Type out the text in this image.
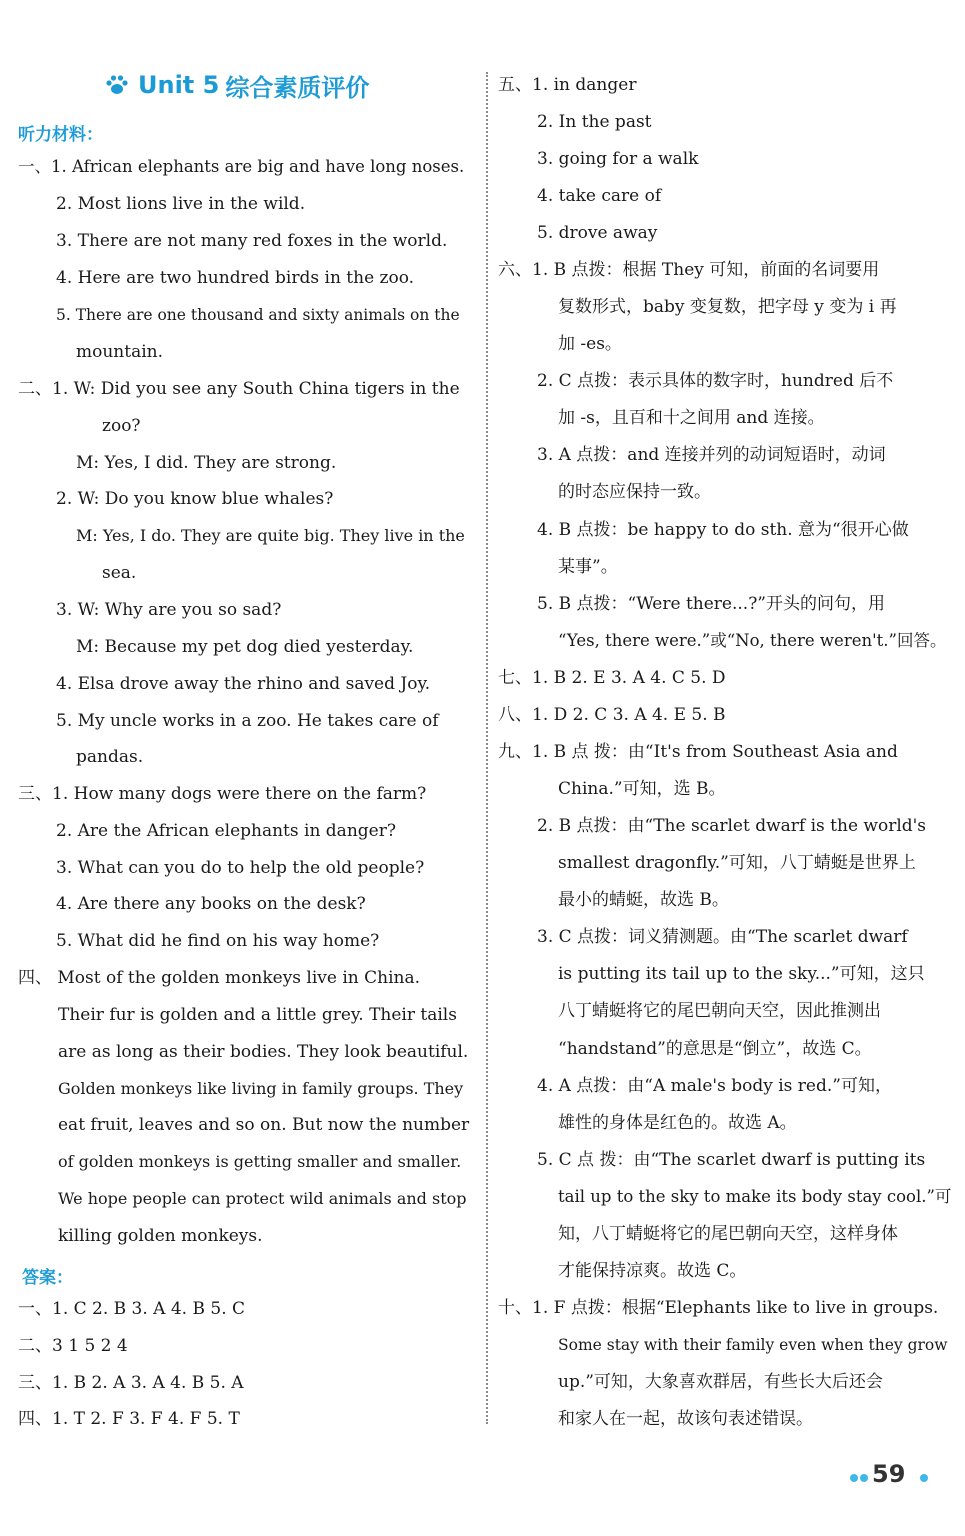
Unit 5 综合素质评价
听力材料：
一、1. African elephants are big and have long noses.
2. Most lions live in the wild.
3. There are not many red foxes in the world.
4. Here are two hundred birds in the zoo.
5. There are one thousand and sixty animals on the
mountain.
二、1. W: Did you see any South China tigers in the
zoo?
M: Yes, I did. They are strong.
2. W: Do you know blue whales?
M: Yes, I do. They are quite big. They live in the
sea.
3. W: Why are you so sad?
M: Because my pet dog died yesterday.
4. Elsa drove away the rhino and saved Joy.
5. My uncle works in a zoo. He takes care of
pandas.
三、1. How many dogs were there on the farm?
2. Are the African elephants in danger?
3. What can you do to help the old people?
4. Are there any books on the desk?
5. What did he find on his way home?
四、 Most of the golden monkeys live in China.
Their fur is golden and a little grey. Their tails
are as long as their bodies. They look beautiful.
Golden monkeys like living in family groups. They
eat fruit, leaves and so on. But now the number
of golden monkeys is getting smaller and smaller.
We hope people can protect wild animals and stop
killing golden monkeys.
答案：
一、1. C 2. B 3. A 4. B 5. C
二、3 1 5 2 4
三、1. B 2. A 3. A 4. B 5. A
四、1. T 2. F 3. F 4. F 5. T
五、1. in danger
2. In the past
3. going for a walk
4. take care of
5. drove away
六、1. B 点拨：根据 They 可知，前面的名词要用
复数形式，baby 变复数，把字母 y 变为 i 再
加 -es。
2. C 点拨：表示具体的数字时，hundred 后不
加 -s，且百和十之间用 and 连接。
3. A 点拨：and 连接并列的动词短语时，动词
的时态应保持一致。
4. B 点拨：be happy to do sth. 意为“很开心做
某事”。
5. B 点拨：“Were there...?”开头的问句，用
“Yes, there were.”或“No, there weren't.”回答。
七、1. B 2. E 3. A 4. C 5. D
八、1. D 2. C 3. A 4. E 5. B
九、1. B 点 拨：由“It's from Southeast Asia and
China.”可知，选 B。
2. B 点拨：由“The scarlet dwarf is the world's
smallest dragonfly.”可知，八丁蜻蜓是世界上
最小的蜻蜓，故选 B。
3. C 点拨：词义猜测题。由“The scarlet dwarf
is putting its tail up to the sky...”可知，这只
八丁蜻蜓将它的尾巴朝向天空，因此推测出
“handstand”的意思是“倒立”，故选 C。
4. A 点拨：由“A male's body is red.”可知，
雄性的身体是红色的。故选 A。
5. C 点 拨：由“The scarlet dwarf is putting its
tail up to the sky to make its body stay cool.”可
知，八丁蜻蜓将它的尾巴朝向天空，这样身体
才能保持凉爽。故选 C。
十、1. F 点拨：根据“Elephants like to live in groups.
Some stay with their family even when they grow
up.”可知，大象喜欢群居，有些长大后还会
和家人在一起，故该句表述错误。
59
